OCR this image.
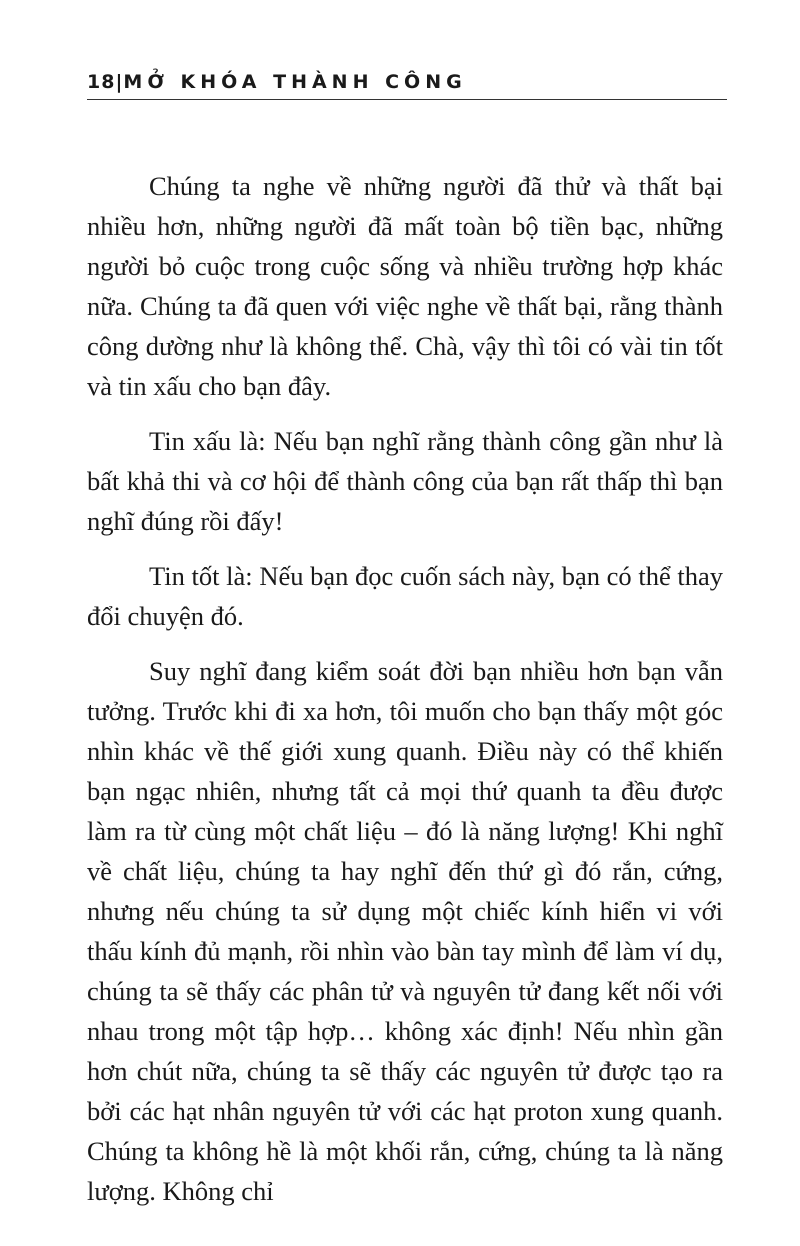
18|MỞ KHÓA THÀNH CÔNG

Chúng ta nghe về những người đã thử và thất bại nhiều hơn, những người đã mất toàn bộ tiền bạc, những người bỏ cuộc trong cuộc sống và nhiều trường hợp khác nữa. Chúng ta đã quen với việc nghe về thất bại, rằng thành công dường như là không thể. Chà, vậy thì tôi có vài tin tốt và tin xấu cho bạn đây.

Tin xấu là: Nếu bạn nghĩ rằng thành công gần như là bất khả thi và cơ hội để thành công của bạn rất thấp thì bạn nghĩ đúng rồi đấy!

Tin tốt là: Nếu bạn đọc cuốn sách này, bạn có thể thay đổi chuyện đó.

Suy nghĩ đang kiểm soát đời bạn nhiều hơn bạn vẫn tưởng. Trước khi đi xa hơn, tôi muốn cho bạn thấy một góc nhìn khác về thế giới xung quanh. Điều này có thể khiến bạn ngạc nhiên, nhưng tất cả mọi thứ quanh ta đều được làm ra từ cùng một chất liệu – đó là năng lượng! Khi nghĩ về chất liệu, chúng ta hay nghĩ đến thứ gì đó rắn, cứng, nhưng nếu chúng ta sử dụng một chiếc kính hiển vi với thấu kính đủ mạnh, rồi nhìn vào bàn tay mình để làm ví dụ, chúng ta sẽ thấy các phân tử và nguyên tử đang kết nối với nhau trong một tập hợp… không xác định! Nếu nhìn gần hơn chút nữa, chúng ta sẽ thấy các nguyên tử được tạo ra bởi các hạt nhân nguyên tử với các hạt proton xung quanh. Chúng ta không hề là một khối rắn, cứng, chúng ta là năng lượng. Không chỉ
